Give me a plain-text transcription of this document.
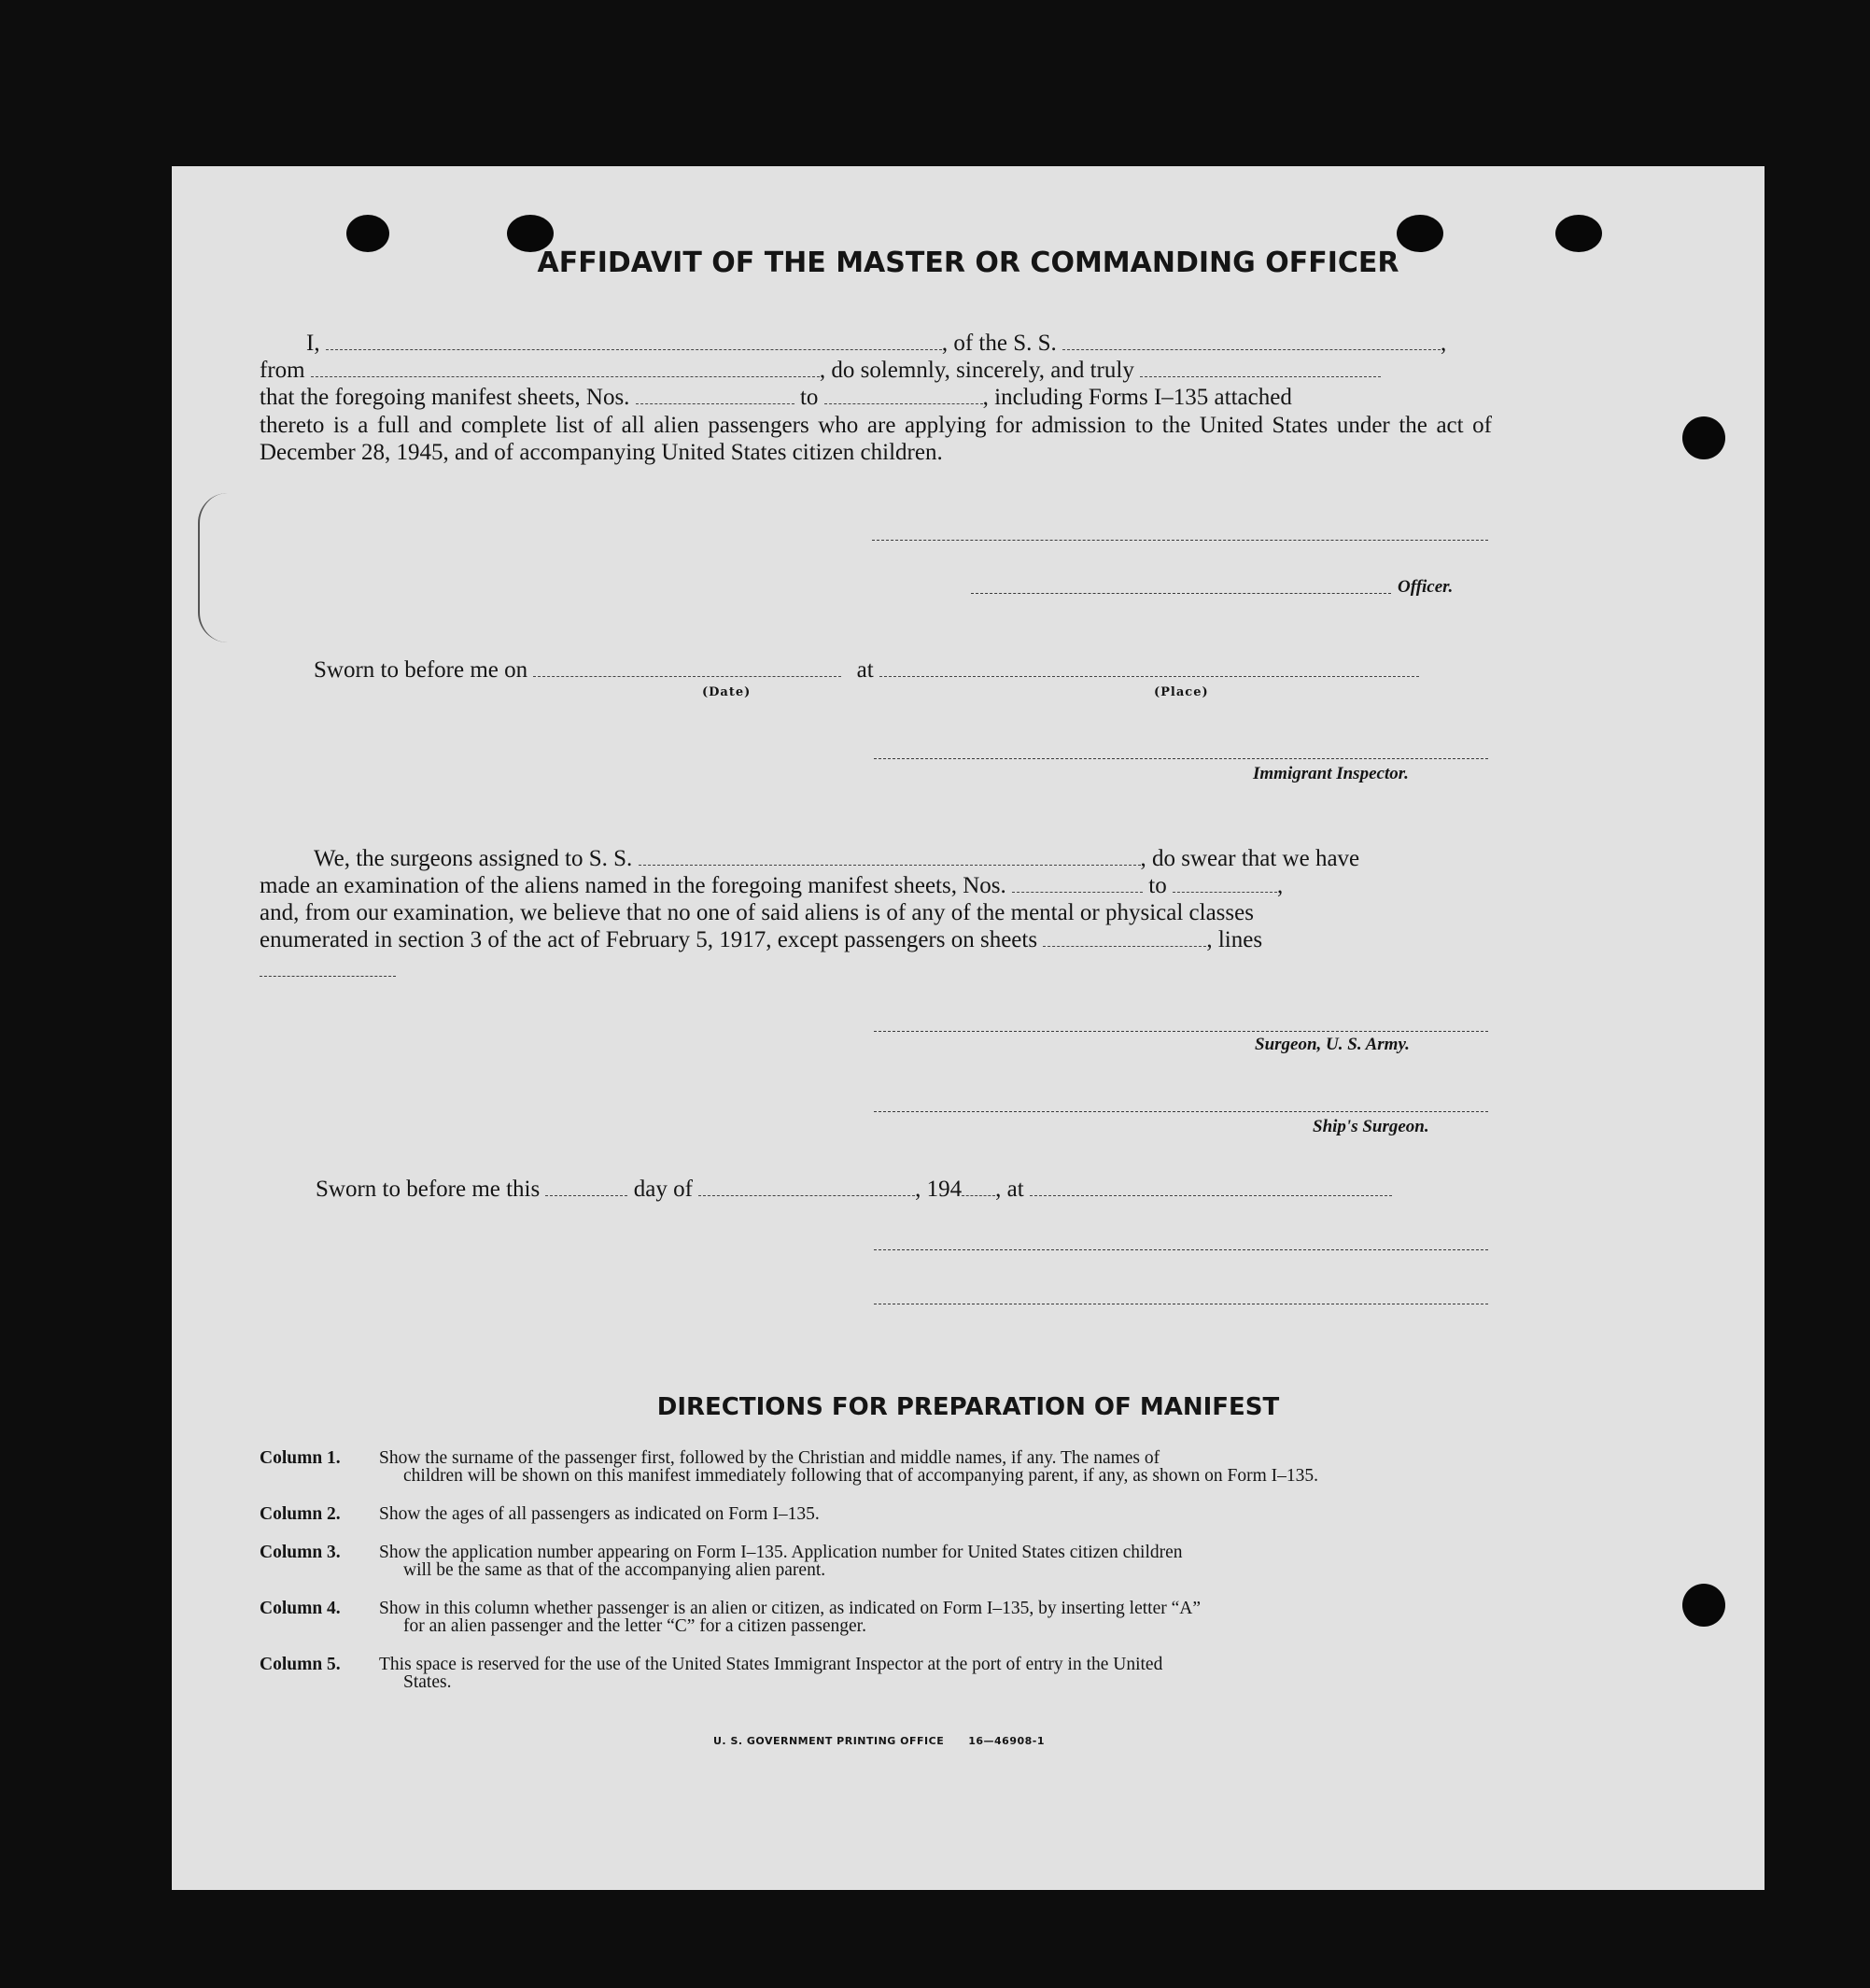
AFFIDAVIT OF THE MASTER OR COMMANDING OFFICER
I,	, of the S. S.	,
from	, do solemnly, sincerely, and truly
that the foregoing manifest sheets, Nos.	to	, including Forms I–135 attached
thereto is a full and complete list of all alien passengers who are applying for admission to the United States under the act of December 28, 1945, and of accompanying United States citizen children.
Officer.
Sworn to before me on	at
(Date)	(Place)
Immigrant Inspector.
We, the surgeons assigned to S. S.	, do swear that we have
made an examination of the aliens named in the foregoing manifest sheets, Nos.	to	,
and, from our examination, we believe that no one of said aliens is of any of the mental or physical classes
enumerated in section 3 of the act of February 5, 1917, except passengers on sheets	, lines
Surgeon, U. S. Army.
Ship's Surgeon.
Sworn to before me this	day of	, 194 , at
DIRECTIONS FOR PREPARATION OF MANIFEST
Column 1. Show the surname of the passenger first, followed by the Christian and middle names, if any. The names of
children will be shown on this manifest immediately following that of accompanying parent, if any, as shown on Form I–135.
Column 2. Show the ages of all passengers as indicated on Form I–135.
Column 3. Show the application number appearing on Form I–135. Application number for United States citizen children
will be the same as that of the accompanying alien parent.
Column 4. Show in this column whether passenger is an alien or citizen, as indicated on Form I–135, by inserting letter “A”
for an alien passenger and the letter “C” for a citizen passenger.
Column 5. This space is reserved for the use of the United States Immigrant Inspector at the port of entry in the United
States.
U. S. GOVERNMENT PRINTING OFFICE 16—46908-1
